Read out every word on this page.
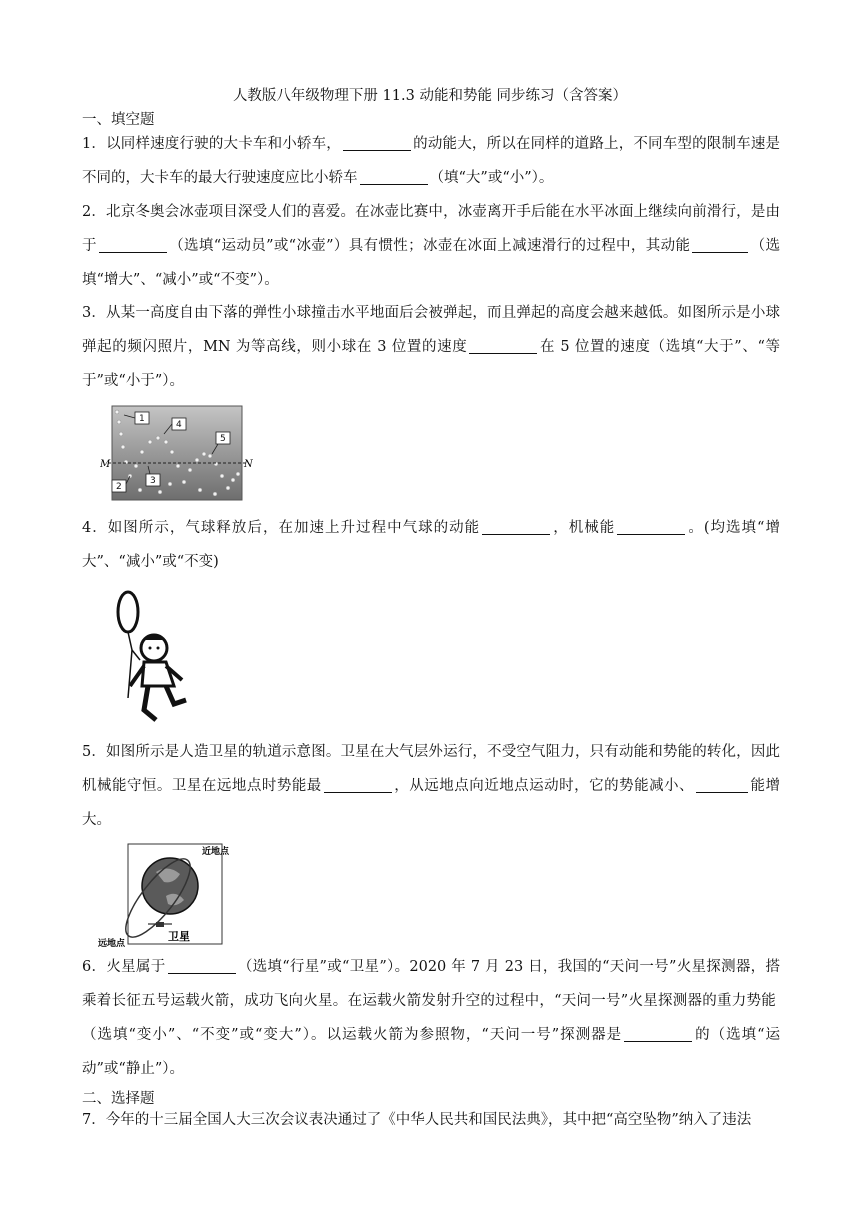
人教版八年级物理下册 11.3 动能和势能 同步练习（含答案）
一、填空题
1．以同样速度行驶的大卡车和小轿车，	的动能大，所以在同样的道路上，不同车型的限制车速是不同的，大卡车的最大行驶速度应比小轿车	（填“大”或“小”）。
2．北京冬奥会冰壶项目深受人们的喜爱。在冰壶比赛中，冰壶离开手后能在水平冰面上继续向前滑行，是由于	（选填“运动员”或“冰壶”）具有惯性；冰壶在冰面上减速滑行的过程中，其动能	（选填“增大”、“减小”或“不变”）。
3．从某一高度自由下落的弹性小球撞击水平地面后会被弹起，而且弹起的高度会越来越低。如图所示是小球弹起的频闪照片，MN 为等高线，则小球在 3 位置的速度	在 5 位置的速度（选填“大于”、“等于”或“小于”）。
M	N
1
2
3
4
5
4．如图所示，气球释放后，在加速上升过程中气球的动能	，机械能	。(均选填“增大”、“减小”或“不变)
5．如图所示是人造卫星的轨道示意图。卫星在大气层外运行，不受空气阻力，只有动能和势能的转化，因此机械能守恒。卫星在远地点时势能最	，从远地点向近地点运动时，它的势能减小、	能增大。
近地点
远地点
卫星
6．火星属于	（选填“行星”或“卫星”）。2020 年 7 月 23 日，我国的“天问一号”火星探测器，搭乘着长征五号运载火箭，成功飞向火星。在运载火箭发射升空的过程中，“天问一号”火星探测器的重力势能（选填“变小”、“不变”或“变大”）。以运载火箭为参照物，“天问一号”探测器是	的（选填“运动”或“静止”）。
二、选择题
7．今年的十三届全国人大三次会议表决通过了《中华人民共和国民法典》，其中把“高空坠物”纳入了违法
